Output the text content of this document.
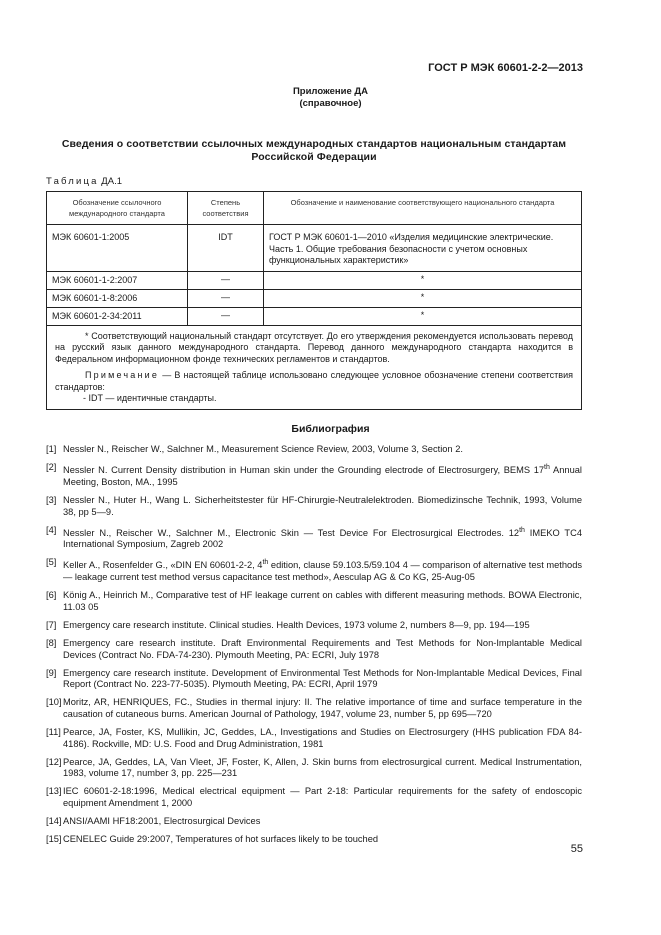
ГОСТ Р МЭК 60601-2-2—2013
Приложение ДА
(справочное)
Сведения о соответствии ссылочных международных стандартов национальным стандартам Российской Федерации
Таблица ДА.1
Обозначение ссылочного международного стандарта	Степень соответствия	Обозначение и наименование соответствующего национального стандарта
МЭК 60601-1:2005	IDT	ГОСТ Р МЭК 60601-1—2010 «Изделия медицинские электрические. Часть 1. Общие требования безопасности с учетом основных функциональных характеристик»
МЭК 60601-1-2:2007	—	*
МЭК 60601-1-8:2006	—	*
МЭК 60601-2-34:2011	—	*

* Соответствующий национальный стандарт отсутствует. До его утверждения рекомендуется использовать перевод на русский язык данного международного стандарта. Перевод данного международного стандарта находится в Федеральном информационном фонде технических регламентов и стандартов.

Примечание — В настоящей таблице использовано следующее условное обозначение степени соответствия стандартов:

- IDT — идентичные стандарты.		

Библиография
[1] Nessler N., Reischer W., Salchner M., Measurement Science Review, 2003, Volume 3, Section 2.
[2] Nessler N. Current Density distribution in Human skin under the Grounding electrode of Electrosurgery, BEMS 17th Annual Meeting, Boston, MA., 1995
[3] Nessler N., Huter H., Wang L. Sicherheitstester für HF-Chirurgie-Neutralelektroden. Biomedizinsche Technik, 1993, Volume 38, pp 5—9.
[4] Nessler N., Reischer W., Salchner M., Electronic Skin — Test Device For Electrosurgical Electrodes. 12th IMEKO TC4 International Symposium, Zagreb 2002
[5] Keller A., Rosenfelder G., «DIN EN 60601-2-2, 4th edition, clause 59.103.5/59.104 4 — comparison of alternative test methods — leakage current test method versus capacitance test method», Aesculap AG & Co KG, 25-Aug-05
[6] König A., Heinrich M., Comparative test of HF leakage current on cables with different measuring methods. BOWA Electronic, 11.03 05
[7] Emergency care research institute. Clinical studies. Health Devices, 1973 volume 2, numbers 8—9, pp. 194—195
[8] Emergency care research institute. Draft Environmental Requirements and Test Methods for Non-Implantable Medical Devices (Contract No. FDA-74-230). Plymouth Meeting, PA: ECRI, July 1978
[9] Emergency care research institute. Development of Environmental Test Methods for Non-Implantable Medical Devices, Final Report (Contract No. 223-77-5035). Plymouth Meeting, PA: ECRI, April 1979
[10] Moritz, AR, HENRIQUES, FC., Studies in thermal injury: II. The relative importance of time and surface temperature in the causation of cutaneous burns. American Journal of Pathology, 1947, volume 23, number 5, pp 695—720
[11] Pearce, JA, Foster, KS, Mullikin, JC, Geddes, LA., Investigations and Studies on Electrosurgery (HHS publication FDA 84-4186). Rockville, MD: U.S. Food and Drug Administration, 1981
[12] Pearce, JA, Geddes, LA, Van Vleet, JF, Foster, K, Allen, J. Skin burns from electrosurgical current. Medical Instrumentation, 1983, volume 17, number 3, pp. 225—231
[13] IEC 60601-2-18:1996, Medical electrical equipment — Part 2-18: Particular requirements for the safety of endoscopic equipment Amendment 1, 2000
[14] ANSI/AAMI HF18:2001, Electrosurgical Devices
[15] CENELEC Guide 29:2007, Temperatures of hot surfaces likely to be touched
55
